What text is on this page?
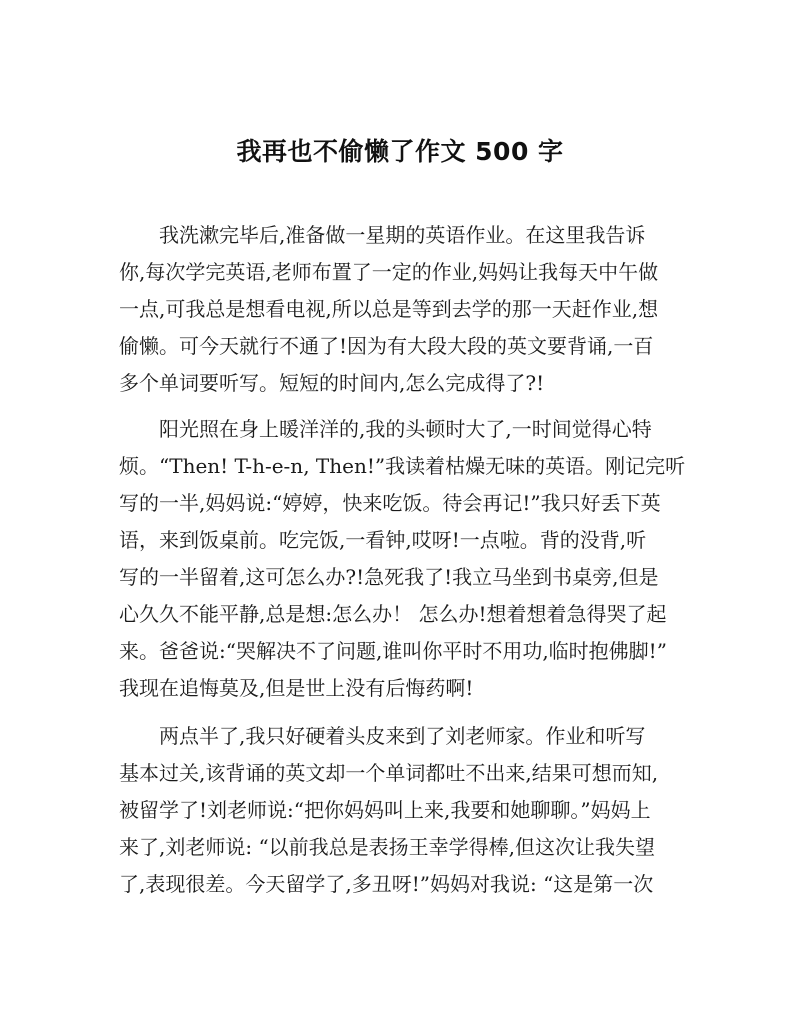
我再也不偷懒了作文 500 字
　　我洗漱完毕后,准备做一星期的英语作业。在这里我告诉
你,每次学完英语,老师布置了一定的作业,妈妈让我每天中午做
一点,可我总是想看电视,所以总是等到去学的那一天赶作业,想
偷懒。可今天就行不通了!因为有大段大段的英文要背诵,一百
多个单词要听写。短短的时间内,怎么完成得了?!
　　阳光照在身上暖洋洋的,我的头顿时大了,一时间觉得心特
烦。“Then! T-h-e-n, Then!”我读着枯燥无味的英语。刚记完听
写的一半,妈妈说:“婷婷，快来吃饭。待会再记!”我只好丢下英
语，来到饭桌前。吃完饭,一看钟,哎呀!一点啦。背的没背,听
写的一半留着,这可怎么办?!急死我了!我立马坐到书桌旁,但是
心久久不能平静,总是想:怎么办！ 怎么办!想着想着急得哭了起
来。爸爸说:“哭解决不了问题,谁叫你平时不用功,临时抱佛脚!”
我现在追悔莫及,但是世上没有后悔药啊!
　　两点半了,我只好硬着头皮来到了刘老师家。作业和听写
基本过关,该背诵的英文却一个单词都吐不出来,结果可想而知,
被留学了!刘老师说:“把你妈妈叫上来,我要和她聊聊。”妈妈上
来了,刘老师说: “以前我总是表扬王幸学得棒,但这次让我失望
了,表现很差。今天留学了,多丑呀!”妈妈对我说: “这是第一次
